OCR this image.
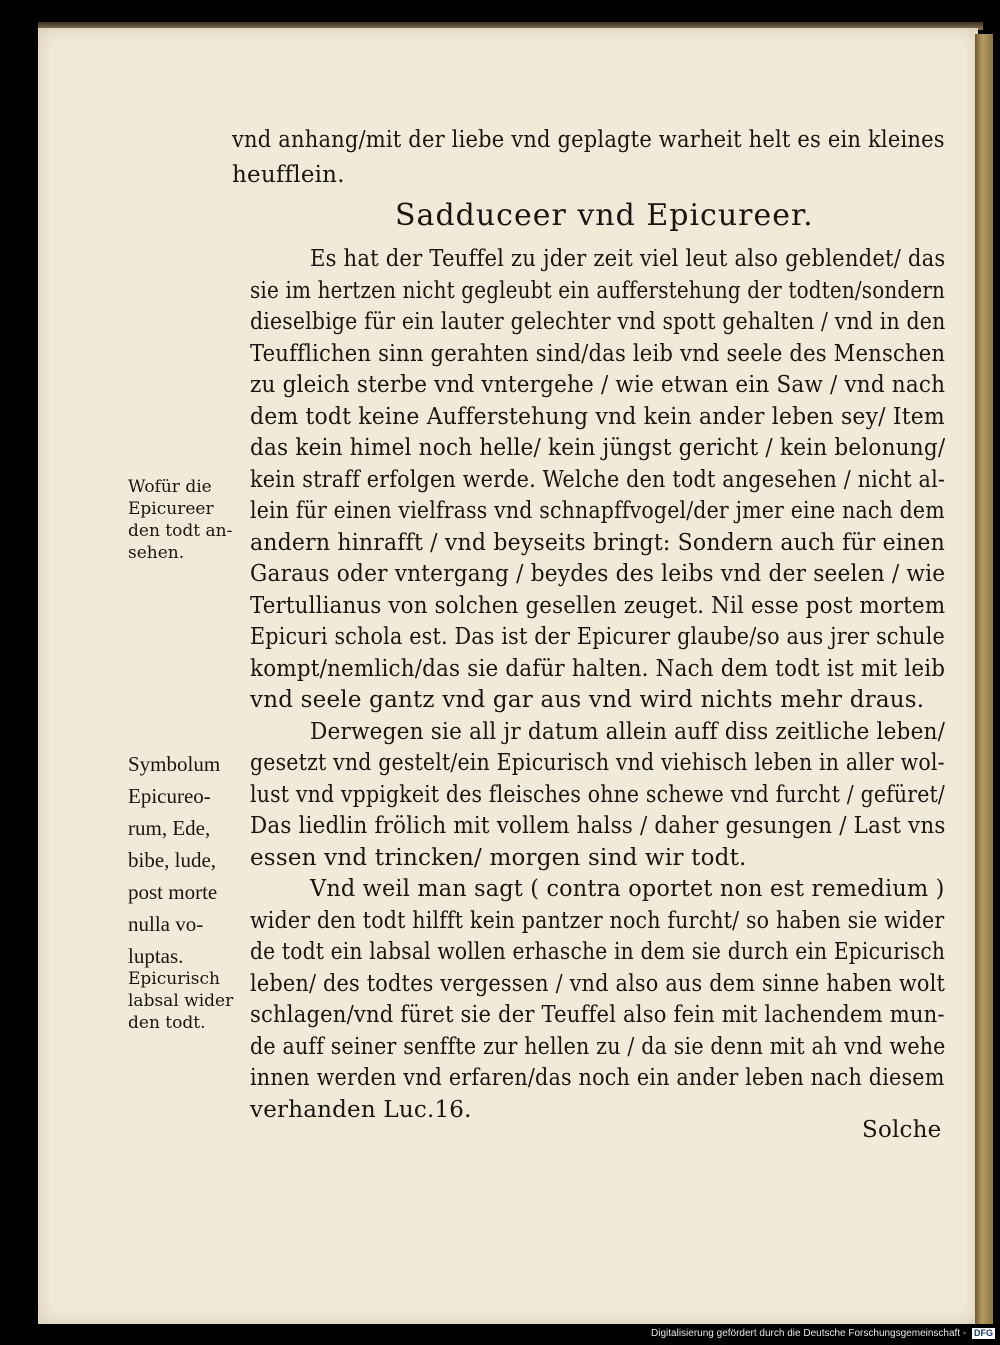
vnd anhang/mit der liebe vnd geplagte warheit helt es ein kleines
heufflein.
Sadduceer vnd Epicureer.
Es hat der Teuffel zu jder zeit viel leut also geblendet/ das
sie im hertzen nicht gegleubt ein aufferstehung der todten/sondern
dieselbige für ein lauter gelechter vnd spott gehalten / vnd in den
Teufflichen sinn gerahten sind/das leib vnd seele des Menschen
zu gleich sterbe vnd vntergehe / wie etwan ein Saw / vnd nach
dem todt keine Aufferstehung vnd kein ander leben sey/ Item
das kein himel noch helle/ kein jüngst gericht / kein belonung/
kein straff erfolgen werde. Welche den todt angesehen / nicht al-
lein für einen vielfrass vnd schnapffvogel/der jmer eine nach dem
andern hinrafft / vnd beyseits bringt: Sondern auch für einen
Garaus oder vntergang / beydes des leibs vnd der seelen / wie
Tertullianus von solchen gesellen zeuget. Nil esse post mortem
Epicuri schola est. Das ist der Epicurer glaube/so aus jrer schule
kompt/nemlich/das sie dafür halten. Nach dem todt ist mit leib
vnd seele gantz vnd gar aus vnd wird nichts mehr draus.
Derwegen sie all jr datum allein auff diss zeitliche leben/
gesetzt vnd gestelt/ein Epicurisch vnd viehisch leben in aller wol-
lust vnd vppigkeit des fleisches ohne schewe vnd furcht / gefüret/
Das liedlin frölich mit vollem halss / daher gesungen / Last vns
essen vnd trincken/ morgen sind wir todt.
Vnd weil man sagt ( contra oportet non est remedium )
wider den todt hilfft kein pantzer noch furcht/ so haben sie wider
de todt ein labsal wollen erhasche in dem sie durch ein Epicurisch
leben/ des todtes vergessen / vnd also aus dem sinne haben wolt
schlagen/vnd füret sie der Teuffel also fein mit lachendem mun-
de auff seiner senffte zur hellen zu / da sie denn mit ah vnd wehe
innen werden vnd erfaren/das noch ein ander leben nach diesem
verhanden Luc.16.
Solche
Wofür die
Epicureer
den todt an-
sehen.
Symbolum
Epicureo-
rum, Ede,
bibe, lude,
post morte
nulla vo-
luptas.
Epicurisch
labsal wider
den todt.
Digitalisierung gefördert durch die Deutsche Forschungsgemeinschaft - DFG
